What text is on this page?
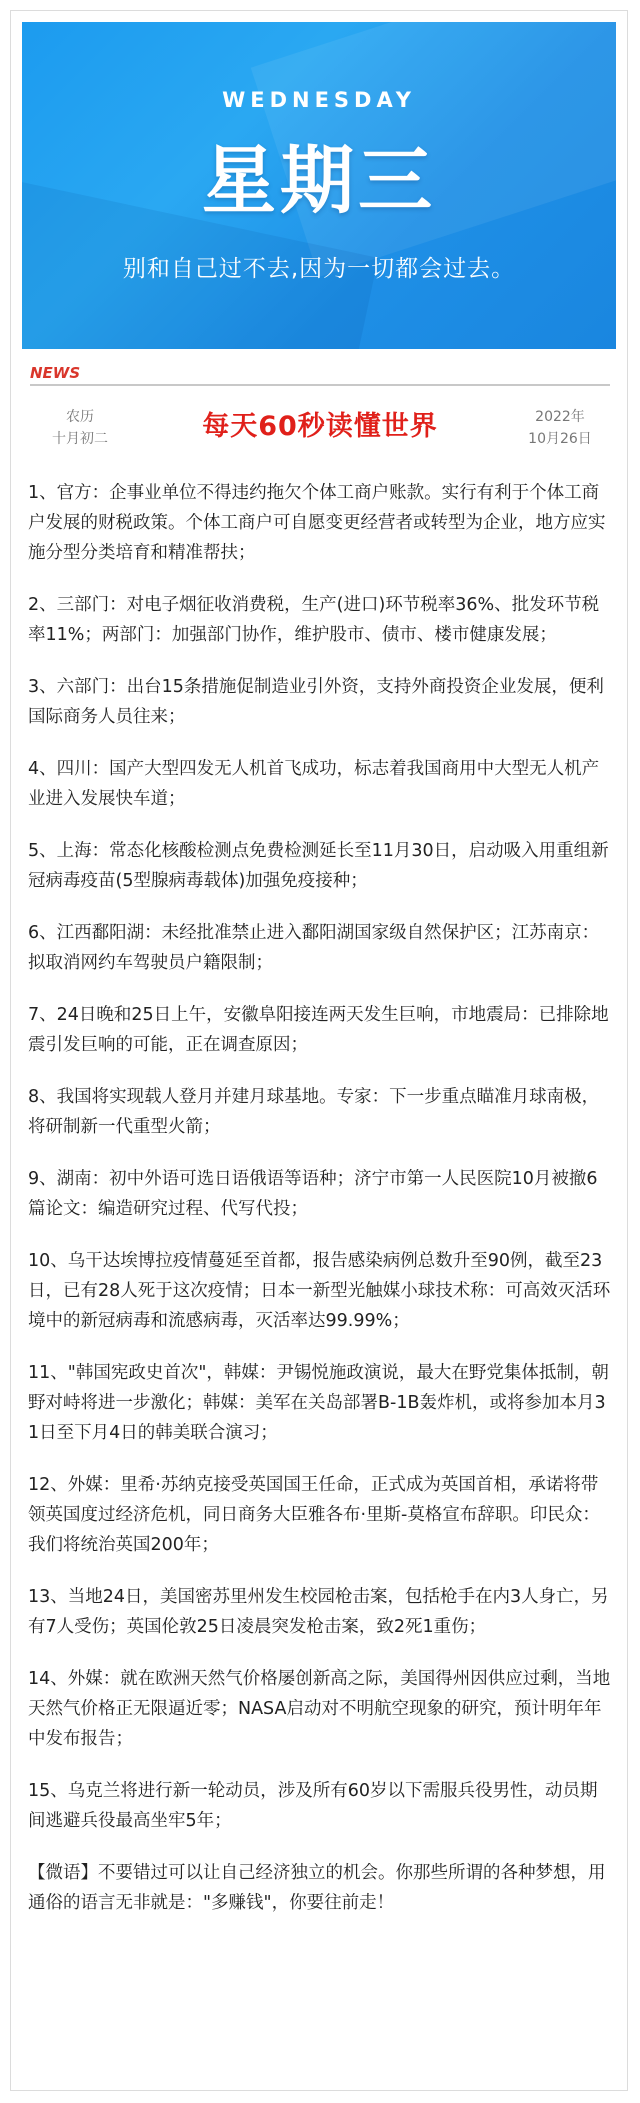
WEDNESDAY
星期三
别和自己过不去,因为一切都会过去。
NEWS
农历
十月初二	每天60秒读懂世界	2022年
10月26日

1、官方：企事业单位不得违约拖欠个体工商户账款。实行有利于个体工商户发展的财税政策。个体工商户可自愿变更经营者或转型为企业，地方应实施分型分类培育和精准帮扶；

2、三部门：对电子烟征收消费税，生产(进口)环节税率36%、批发环节税率11%；两部门：加强部门协作，维护股市、债市、楼市健康发展；

3、六部门：出台15条措施促制造业引外资，支持外商投资企业发展，便利国际商务人员往来；

4、四川：国产大型四发无人机首飞成功，标志着我国商用中大型无人机产业进入发展快车道；

5、上海：常态化核酸检测点免费检测延长至11月30日，启动吸入用重组新冠病毒疫苗(5型腺病毒载体)加强免疫接种；

6、江西鄱阳湖：未经批准禁止进入鄱阳湖国家级自然保护区；江苏南京：拟取消网约车驾驶员户籍限制；

7、24日晚和25日上午，安徽阜阳接连两天发生巨响，市地震局：已排除地震引发巨响的可能，正在调查原因；

8、我国将实现载人登月并建月球基地。专家：下一步重点瞄准月球南极，将研制新一代重型火箭；

9、湖南：初中外语可选日语俄语等语种；济宁市第一人民医院10月被撤6篇论文：编造研究过程、代写代投；

10、乌干达埃博拉疫情蔓延至首都，报告感染病例总数升至90例，截至23日，已有28人死于这次疫情；日本一新型光触媒小球技术称：可高效灭活环境中的新冠病毒和流感病毒，灭活率达99.99%；

11、"韩国宪政史首次"，韩媒：尹锡悦施政演说，最大在野党集体抵制，朝野对峙将进一步激化；韩媒：美军在关岛部署B-1B轰炸机，或将参加本月31日至下月4日的韩美联合演习；

12、外媒：里希·苏纳克接受英国国王任命，正式成为英国首相，承诺将带领英国度过经济危机，同日商务大臣雅各布·里斯-莫格宣布辞职。印民众：我们将统治英国200年；

13、当地24日，美国密苏里州发生校园枪击案，包括枪手在内3人身亡，另有7人受伤；英国伦敦25日凌晨突发枪击案，致2死1重伤；

14、外媒：就在欧洲天然气价格屡创新高之际，美国得州因供应过剩，当地天然气价格正无限逼近零；NASA启动对不明航空现象的研究，预计明年年中发布报告；

15、乌克兰将进行新一轮动员，涉及所有60岁以下需服兵役男性，动员期间逃避兵役最高坐牢5年；

【微语】不要错过可以让自己经济独立的机会。你那些所谓的各种梦想，用通俗的语言无非就是："多赚钱"，你要往前走！
